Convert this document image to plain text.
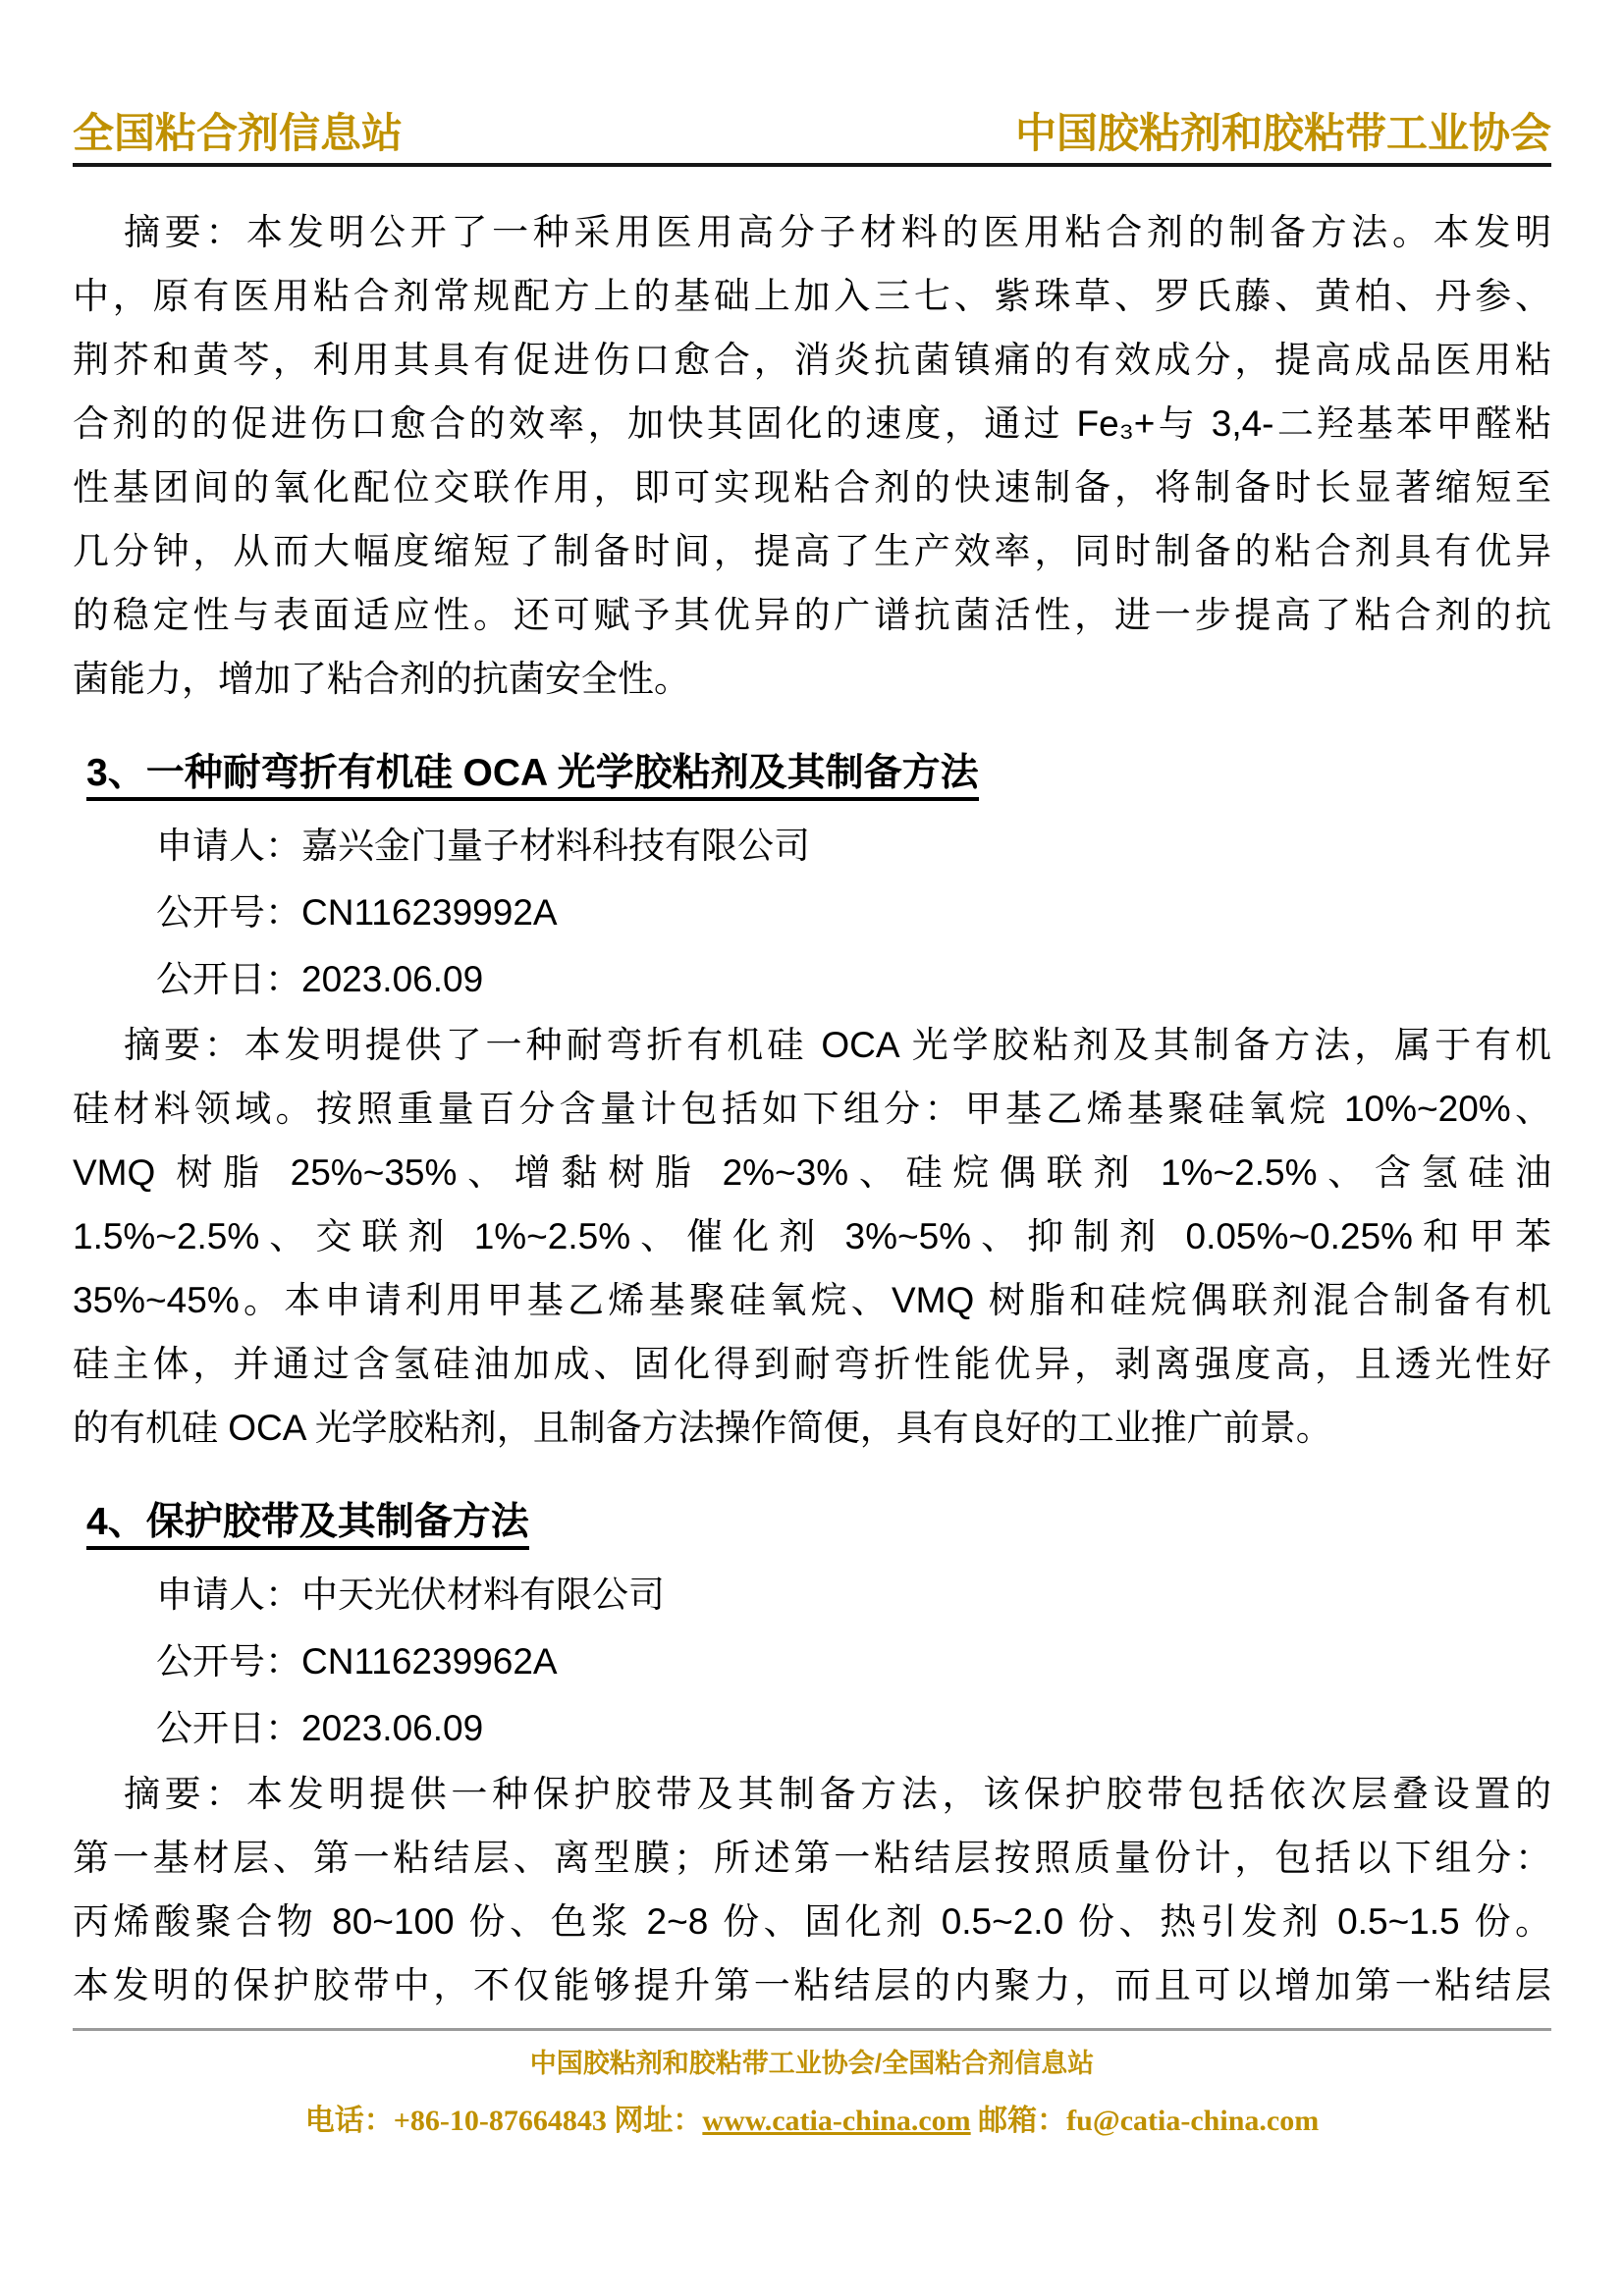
全国粘合剂信息站	中国胶粘剂和胶粘带工业协会
摘要：本发明公开了一种采用医用高分子材料的医用粘合剂的制备方法。本发明
中，原有医用粘合剂常规配方上的基础上加入三七、紫珠草、罗氏藤、黄柏、丹参、
荆芥和黄芩，利用其具有促进伤口愈合，消炎抗菌镇痛的有效成分，提高成品医用粘
合剂的的促进伤口愈合的效率，加快其固化的速度，通过 Fe₃+与 3,4-二羟基苯甲醛粘
性基团间的氧化配位交联作用，即可实现粘合剂的快速制备，将制备时长显著缩短至
几分钟，从而大幅度缩短了制备时间，提高了生产效率，同时制备的粘合剂具有优异
的稳定性与表面适应性。还可赋予其优异的广谱抗菌活性，进一步提高了粘合剂的抗
菌能力，增加了粘合剂的抗菌安全性。
3、一种耐弯折有机硅 OCA 光学胶粘剂及其制备方法
申请人：嘉兴金门量子材料科技有限公司
公开号：CN116239992A
公开日：2023.06.09
摘要：本发明提供了一种耐弯折有机硅 OCA 光学胶粘剂及其制备方法，属于有机
硅材料领域。按照重量百分含量计包括如下组分：甲基乙烯基聚硅氧烷 10%~20%、
VMQ 树脂 25%~35%、增黏树脂 2%~3%、硅烷偶联剂 1%~2.5%、含氢硅油
1.5%~2.5%、交联剂 1%~2.5%、催化剂 3%~5%、抑制剂 0.05%~0.25%和甲苯
35%~45%。本申请利用甲基乙烯基聚硅氧烷、VMQ 树脂和硅烷偶联剂混合制备有机
硅主体，并通过含氢硅油加成、固化得到耐弯折性能优异，剥离强度高，且透光性好
的有机硅 OCA 光学胶粘剂，且制备方法操作简便，具有良好的工业推广前景。
4、保护胶带及其制备方法
申请人：中天光伏材料有限公司
公开号：CN116239962A
公开日：2023.06.09
摘要：本发明提供一种保护胶带及其制备方法，该保护胶带包括依次层叠设置的
第一基材层、第一粘结层、离型膜；所述第一粘结层按照质量份计，包括以下组分：
丙烯酸聚合物 80~100 份、色浆 2~8 份、固化剂 0.5~2.0 份、热引发剂 0.5~1.5 份。
本发明的保护胶带中，不仅能够提升第一粘结层的内聚力，而且可以增加第一粘结层
中国胶粘剂和胶粘带工业协会/全国粘合剂信息站
电话：+86-10-87664843 网址：www.catia-china.com 邮箱：fu@catia-china.com
